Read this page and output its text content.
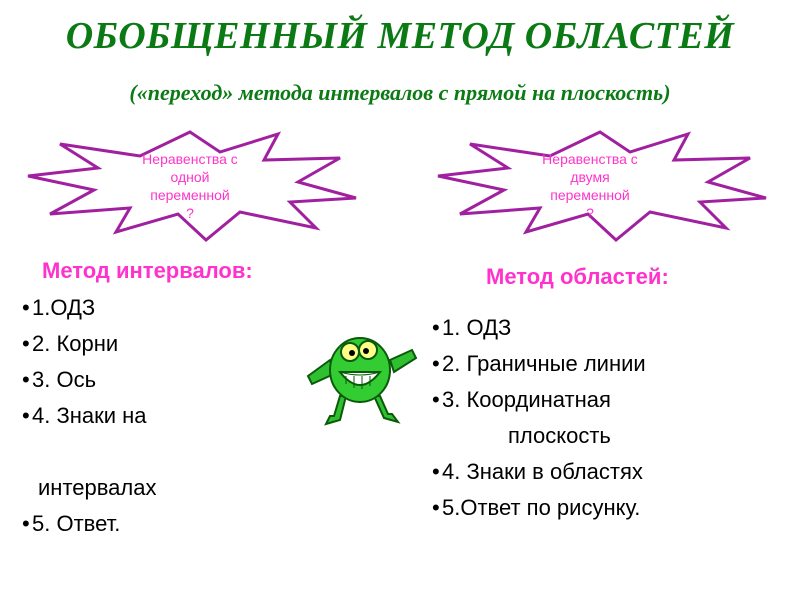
ОБОБЩЕННЫЙ МЕТОД ОБЛАСТЕЙ
(«переход» метода интервалов с прямой на плоскость)
Неравенства с
одной
переменной
?
Неравенства с
двумя
переменной
?
Метод интервалов:
• 1.ОДЗ
• 2. Корни
• 3. Ось
• 4. Знаки на
интервалах
• 5. Ответ.
Метод областей:
• 1. ОДЗ
• 2. Граничные линии
• 3. Координатная
плоскость
• 4. Знаки в областях
• 5.Ответ по рисунку.
